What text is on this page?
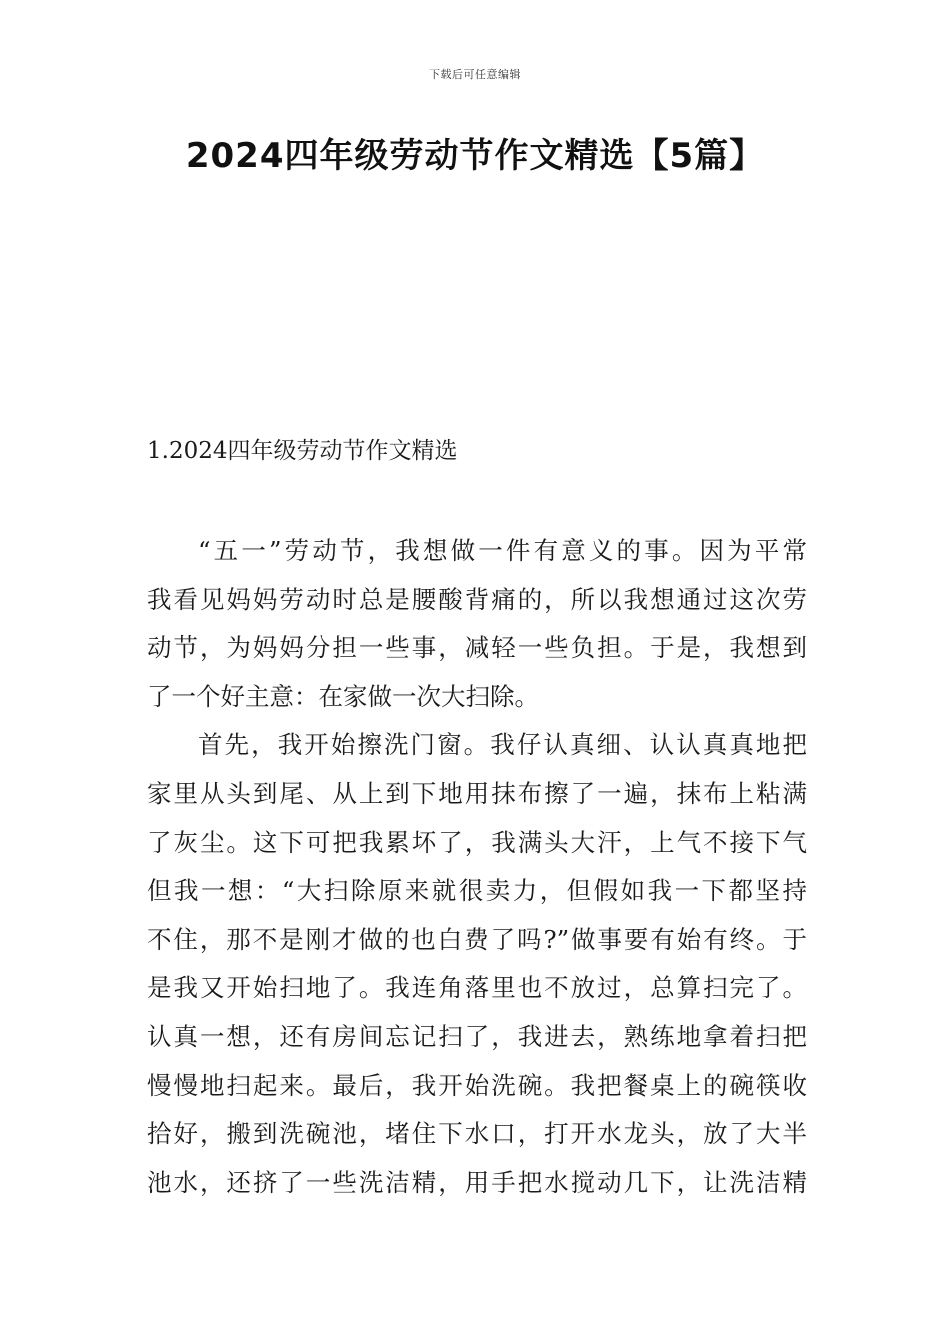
下载后可任意编辑
2024四年级劳动节作文精选【5篇】
1.2024四年级劳动节作文精选
“五一”劳动节，我想做一件有意义的事。因为平常
我看见妈妈劳动时总是腰酸背痛的，所以我想通过这次劳
动节，为妈妈分担一些事，减轻一些负担。于是，我想到
了一个好主意：在家做一次大扫除。
首先，我开始擦洗门窗。我仔认真细、认认真真地把
家里从头到尾、从上到下地用抹布擦了一遍，抹布上粘满
了灰尘。这下可把我累坏了，我满头大汗，上气不接下气
但我一想：“大扫除原来就很卖力，但假如我一下都坚持
不住，那不是刚才做的也白费了吗?”做事要有始有终。于
是我又开始扫地了。我连角落里也不放过，总算扫完了。
认真一想，还有房间忘记扫了，我进去，熟练地拿着扫把
慢慢地扫起来。最后，我开始洗碗。我把餐桌上的碗筷收
拾好，搬到洗碗池，堵住下水口，打开水龙头，放了大半
池水，还挤了一些洗洁精，用手把水搅动几下，让洗洁精
